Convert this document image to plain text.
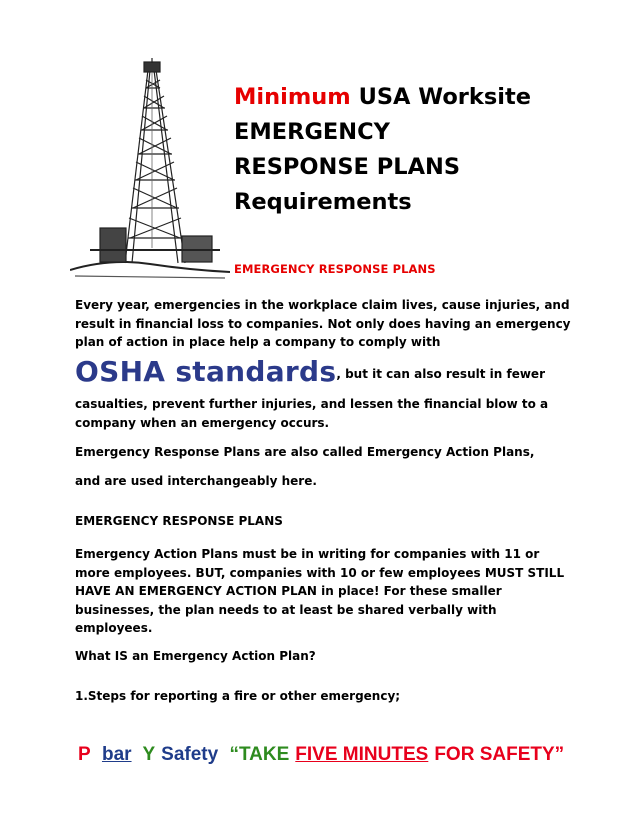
Minimum USA Worksite
EMERGENCY
RESPONSE PLANS
Requirements
EMERGENCY RESPONSE PLANS

Every year, emergencies in the workplace claim lives, cause injuries, and result in financial loss to companies. Not only does having an emergency plan of action in place help a company to comply with

OSHA standards, but it can also result in fewer

casualties, prevent further injuries, and lessen the financial blow to a company when an emergency occurs.

Emergency Response Plans are also called Emergency Action Plans,

and are used interchangeably here.

EMERGENCY RESPONSE PLANS

Emergency Action Plans must be in writing for companies with 11 or more employees. BUT, companies with 10 or few employees MUST STILL HAVE AN EMERGENCY ACTION PLAN in place! For these smaller businesses, the plan needs to at least be shared verbally with employees.

What IS an Emergency Action Plan?

1.Steps for reporting a fire or other emergency;

P bar Y Safety “TAKE FIVE MINUTES FOR SAFETY”
